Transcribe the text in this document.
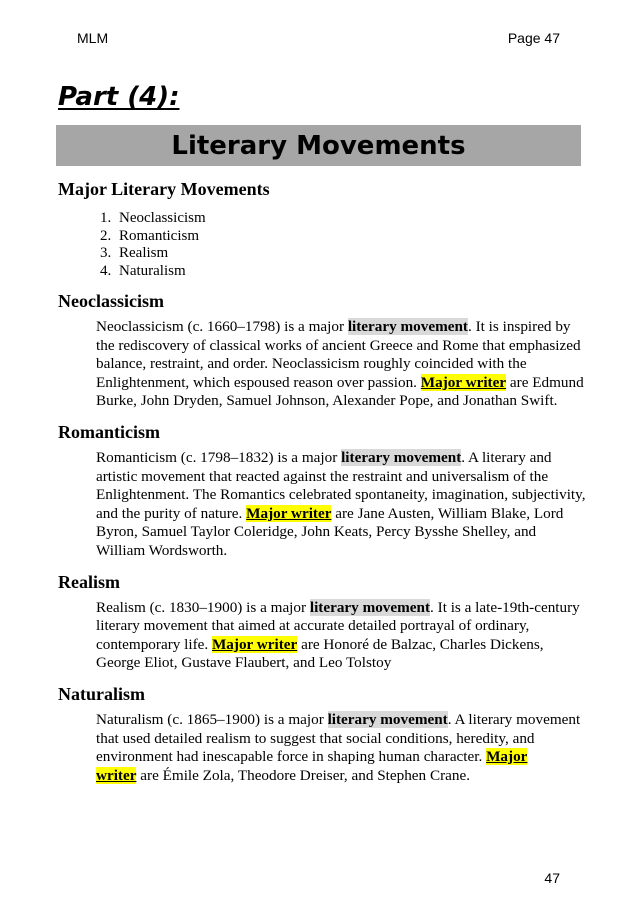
MLM	Page 47
Part (4):
Literary Movements
Major Literary Movements
1. Neoclassicism
2. Romanticism
3. Realism
4. Naturalism
Neoclassicism

Neoclassicism (c. 1660–1798) is a major literary movement. It is inspired by the rediscovery of classical works of ancient Greece and Rome that emphasized balance, restraint, and order. Neoclassicism roughly coincided with the Enlightenment, which espoused reason over passion. Major writer are Edmund Burke, John Dryden, Samuel Johnson, Alexander Pope, and Jonathan Swift.

Romanticism

Romanticism (c. 1798–1832) is a major literary movement. A literary and artistic movement that reacted against the restraint and universalism of the Enlightenment. The Romantics celebrated spontaneity, imagination, subjectivity, and the purity of nature. Major writer are Jane Austen, William Blake, Lord Byron, Samuel Taylor Coleridge, John Keats, Percy Bysshe Shelley, and William Wordsworth.

Realism

Realism (c. 1830–1900) is a major literary movement. It is a late-19th-century literary movement that aimed at accurate detailed portrayal of ordinary, contemporary life. Major writer are Honoré de Balzac, Charles Dickens, George Eliot, Gustave Flaubert, and Leo Tolstoy

Naturalism

Naturalism (c. 1865–1900) is a major literary movement. A literary movement that used detailed realism to suggest that social conditions, heredity, and environment had inescapable force in shaping human character. Major
writer are Émile Zola, Theodore Dreiser, and Stephen Crane.

47
